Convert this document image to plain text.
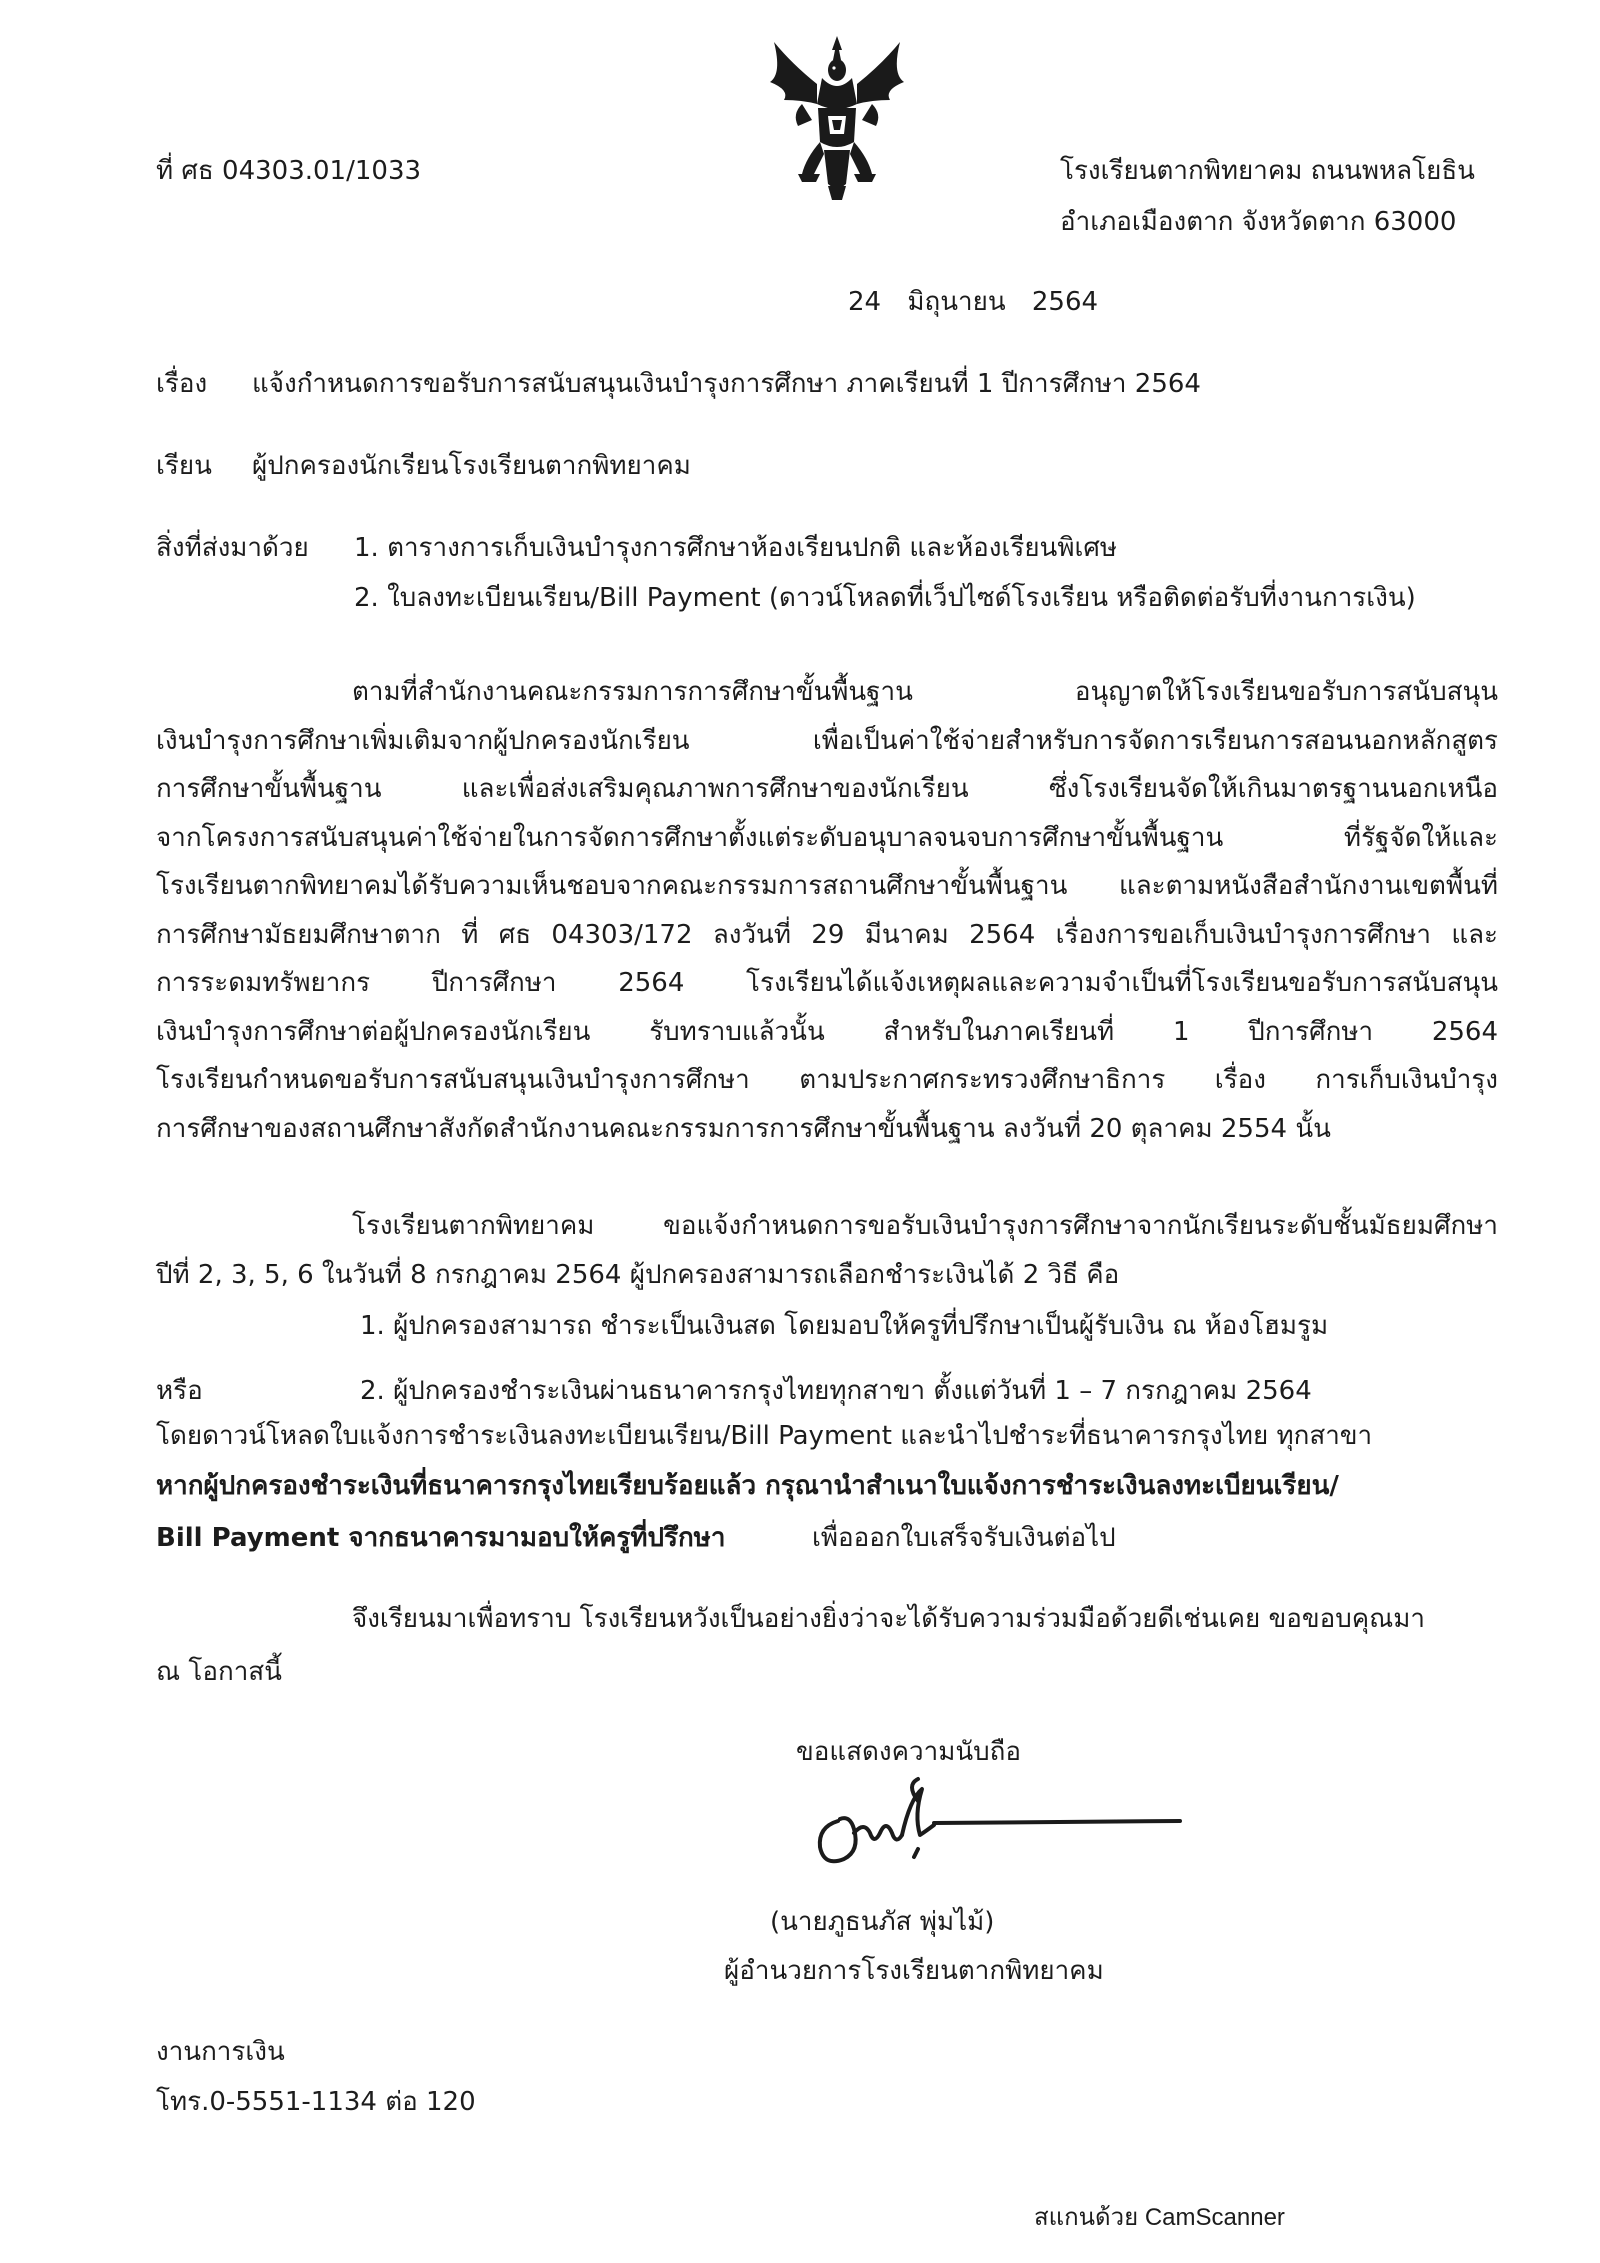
ที่ ศธ 04303.01/1033	โรงเรียนตากพิทยาคม ถนนพหลโยธิน
อำเภอเมืองตาก จังหวัดตาก 63000
24 มิถุนายน 2564
เรื่อง แจ้งกำหนดการขอรับการสนับสนุนเงินบำรุงการศึกษา ภาคเรียนที่ 1 ปีการศึกษา 2564
เรียน ผู้ปกครองนักเรียนโรงเรียนตากพิทยาคม
สิ่งที่ส่งมาด้วย 1. ตารางการเก็บเงินบำรุงการศึกษาห้องเรียนปกติ และห้องเรียนพิเศษ
2. ใบลงทะเบียนเรียน/Bill Payment (ดาวน์โหลดที่เว็ปไซด์โรงเรียน หรือติดต่อรับที่งานการเงิน)
ตามที่สำนักงานคณะกรรมการการศึกษาขั้นพื้นฐาน อนุญาตให้โรงเรียนขอรับการสนับสนุน
เงินบำรุงการศึกษาเพิ่มเติมจากผู้ปกครองนักเรียน เพื่อเป็นค่าใช้จ่ายสำหรับการจัดการเรียนการสอนนอกหลักสูตร
การศึกษาขั้นพื้นฐาน และเพื่อส่งเสริมคุณภาพการศึกษาของนักเรียน ซึ่งโรงเรียนจัดให้เกินมาตรฐานนอกเหนือ
จากโครงการสนับสนุนค่าใช้จ่ายในการจัดการศึกษาตั้งแต่ระดับอนุบาลจนจบการศึกษาขั้นพื้นฐาน ที่รัฐจัดให้และ
โรงเรียนตากพิทยาคมได้รับความเห็นชอบจากคณะกรรมการสถานศึกษาขั้นพื้นฐาน และตามหนังสือสำนักงานเขตพื้นที่
การศึกษามัธยมศึกษาตาก ที่ ศธ 04303/172 ลงวันที่ 29 มีนาคม 2564 เรื่องการขอเก็บเงินบำรุงการศึกษา และ
การระดมทรัพยากร ปีการศึกษา 2564 โรงเรียนได้แจ้งเหตุผลและความจำเป็นที่โรงเรียนขอรับการสนับสนุน
เงินบำรุงการศึกษาต่อผู้ปกครองนักเรียน รับทราบแล้วนั้น สำหรับในภาคเรียนที่ 1 ปีการศึกษา 2564
โรงเรียนกำหนดขอรับการสนับสนุนเงินบำรุงการศึกษา ตามประกาศกระทรวงศึกษาธิการ เรื่อง การเก็บเงินบำรุง
การศึกษาของสถานศึกษาสังกัดสำนักงานคณะกรรมการการศึกษาขั้นพื้นฐาน ลงวันที่ 20 ตุลาคม 2554 นั้น
โรงเรียนตากพิทยาคม ขอแจ้งกำหนดการขอรับเงินบำรุงการศึกษาจากนักเรียนระดับชั้นมัธยมศึกษา
ปีที่ 2, 3, 5, 6 ในวันที่ 8 กรกฎาคม 2564 ผู้ปกครองสามารถเลือกชำระเงินได้ 2 วิธี คือ
1. ผู้ปกครองสามารถ ชำระเป็นเงินสด โดยมอบให้ครูที่ปรึกษาเป็นผู้รับเงิน ณ ห้องโฮมรูม
หรือ	2. ผู้ปกครองชำระเงินผ่านธนาคารกรุงไทยทุกสาขา ตั้งแต่วันที่ 1 – 7 กรกฎาคม 2564
โดยดาวน์โหลดใบแจ้งการชำระเงินลงทะเบียนเรียน/Bill Payment และนำไปชำระที่ธนาคารกรุงไทย ทุกสาขา
หากผู้ปกครองชำระเงินที่ธนาคารกรุงไทยเรียบร้อยแล้ว กรุณานำสำเนาใบแจ้งการชำระเงินลงทะเบียนเรียน/
Bill Payment จากธนาคารมามอบให้ครูที่ปรึกษา	เพื่อออกใบเสร็จรับเงินต่อไป
จึงเรียนมาเพื่อทราบ โรงเรียนหวังเป็นอย่างยิ่งว่าจะได้รับความร่วมมือด้วยดีเช่นเคย ขอขอบคุณมา
ณ โอกาสนี้
ขอแสดงความนับถือ
(นายภูธนภัส พุ่มไม้)
ผู้อำนวยการโรงเรียนตากพิทยาคม
งานการเงิน
โทร.0-5551-1134 ต่อ 120
สแกนด้วย CamScanner
